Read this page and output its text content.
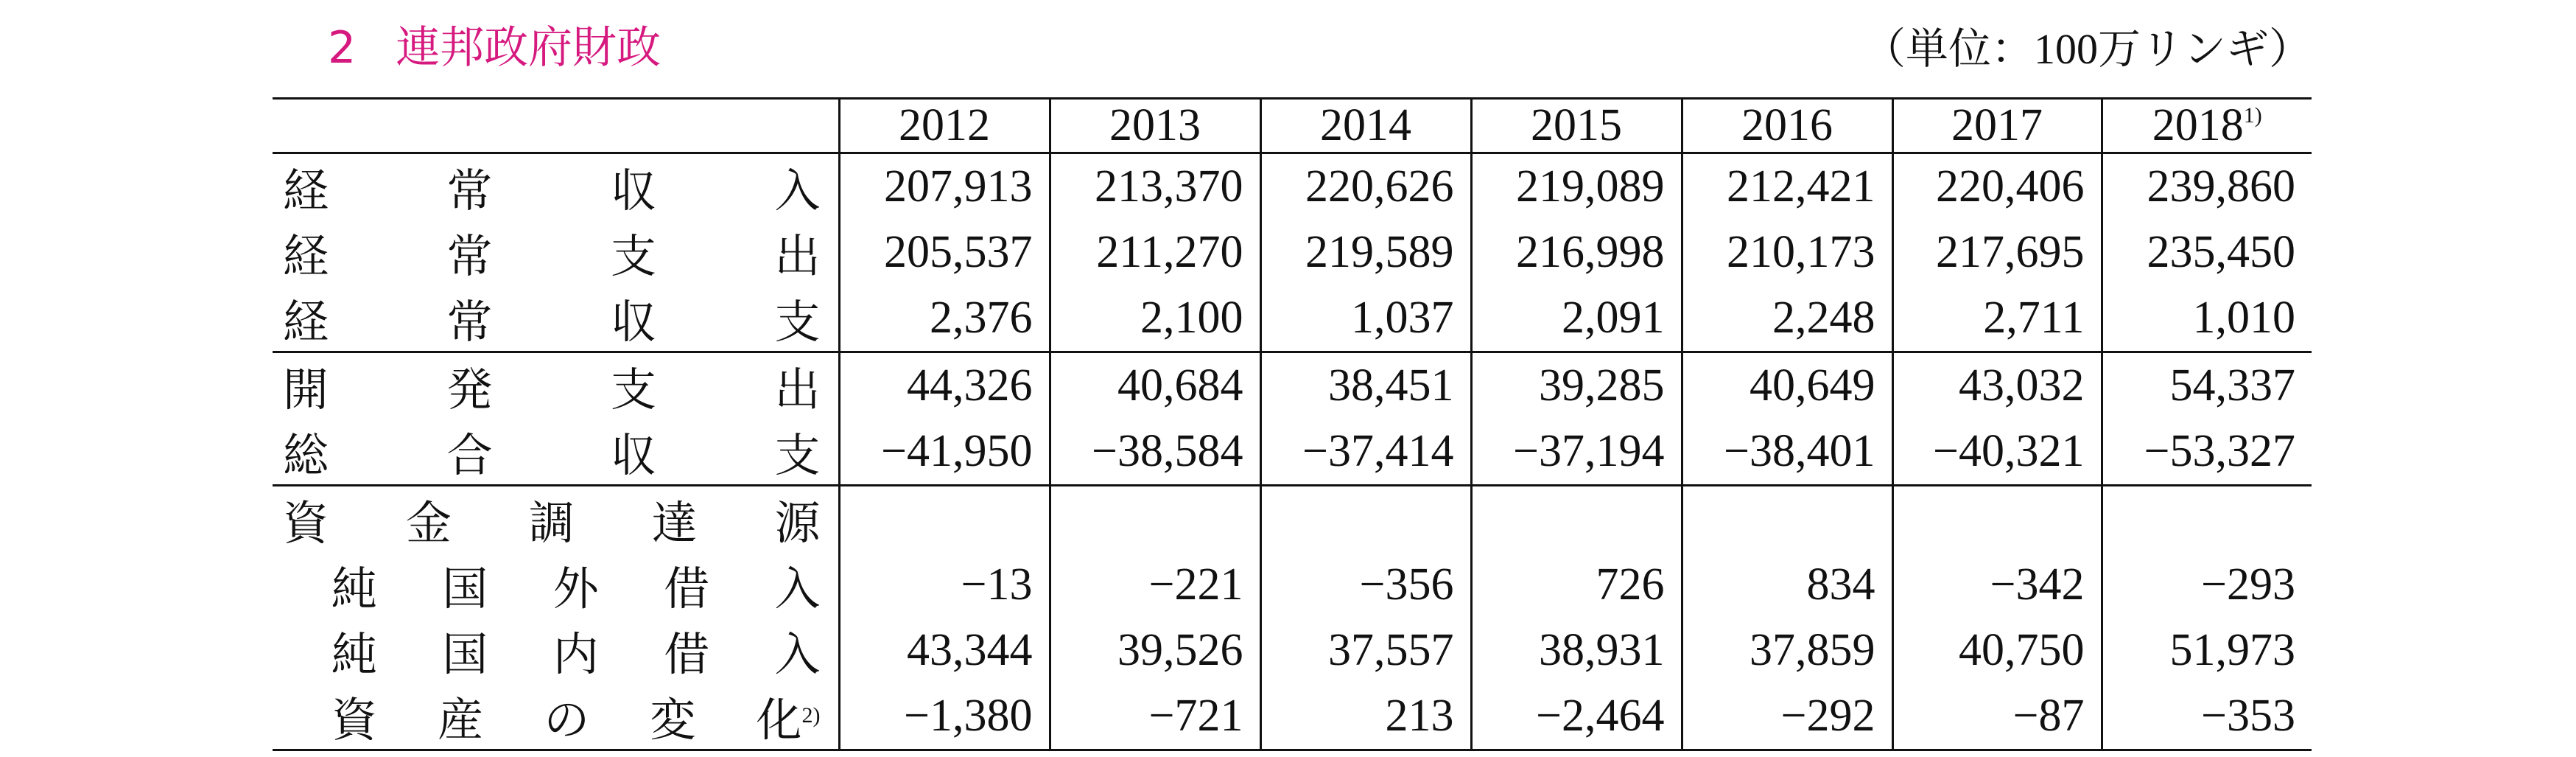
2 連邦政府財政	（単位：100万リンギ）
	2012	2013	2014	2015	2016	2017	2018$^{1)}$

経 常 収 入	207,913	213,370	220,626	219,089	212,421	220,406	239,860

経 常 支 出	205,537	211,270	219,589	216,998	210,173	217,695	235,450

経 常 収 支	2,376	2,100	1,037	2,091	2,248	2,711	1,010

開 発 支 出	44,326	40,684	38,451	39,285	40,649	43,032	54,337

総 合 収 支	−41,950	−38,584	−37,414	−37,194	−38,401	−40,321	−53,327

資 金 調 達 源							

純 国 外 借 入	−13	−221	−356	726	834	−342	−293

純 国 内 借 入	43,344	39,526	37,557	38,931	37,859	40,750	51,973

資 産 の 変 化$^{2)}$	−1,380	−721	213	−2,464	−292	−87	−353
